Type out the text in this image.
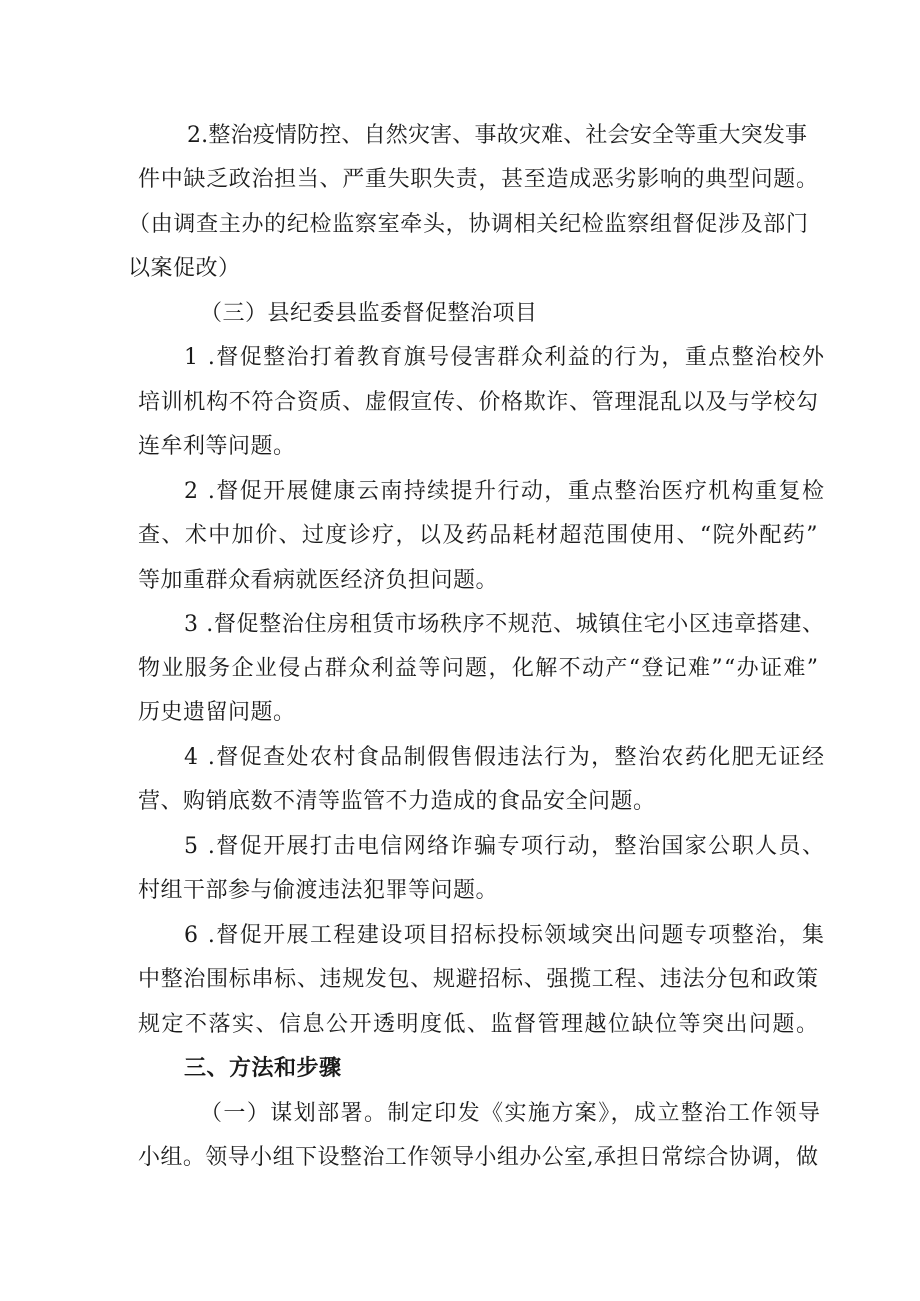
2.整治疫情防控、自然灾害、事故灾难、社会安全等重大突发事
件中缺乏政治担当、严重失职失责，甚至造成恶劣影响的典型问题。
（由调查主办的纪检监察室牵头，协调相关纪检监察组督促涉及部门
以案促改）
（三）县纪委县监委督促整治项目
1 .督促整治打着教育旗号侵害群众利益的行为，重点整治校外
培训机构不符合资质、虚假宣传、价格欺诈、管理混乱以及与学校勾
连牟利等问题。
2 .督促开展健康云南持续提升行动，重点整治医疗机构重复检
查、术中加价、过度诊疗，以及药品耗材超范围使用、“院外配药”
等加重群众看病就医经济负担问题。
3 .督促整治住房租赁市场秩序不规范、城镇住宅小区违章搭建、
物业服务企业侵占群众利益等问题，化解不动产“登记难”“办证难”
历史遗留问题。
4 .督促查处农村食品制假售假违法行为，整治农药化肥无证经
营、购销底数不清等监管不力造成的食品安全问题。
5 .督促开展打击电信网络诈骗专项行动，整治国家公职人员、
村组干部参与偷渡违法犯罪等问题。
6 .督促开展工程建设项目招标投标领域突出问题专项整治，集
中整治围标串标、违规发包、规避招标、强揽工程、违法分包和政策
规定不落实、信息公开透明度低、监督管理越位缺位等突出问题。
三、方法和步骤
（一）谋划部署。制定印发《实施方案》，成立整治工作领导
小组。领导小组下设整治工作领导小组办公室,承担日常综合协调，做
